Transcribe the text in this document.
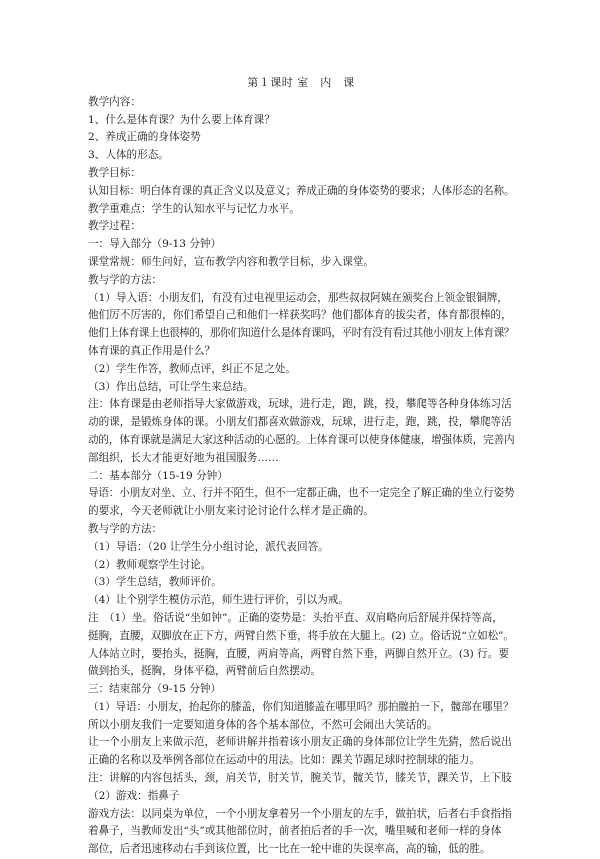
第１课时 室　内　课

教学内容：

1、什么是体育课？为什么要上体育课？

2、养成正确的身体姿势

3、人体的形态。

教学目标：

认知目标：明白体育课的真正含义以及意义；养成正确的身体姿势的要求；人体形态的名称。

教学重难点：学生的认知水平与记忆力水平。

教学过程：

一：导入部分（9-13 分钟）

课堂常规：师生问好，宣布教学内容和教学目标，步入课堂。

教与学的方法：

（1）导入语：小朋友们，有没有过电视里运动会，那些叔叔阿姨在颁奖台上领金银铜牌，

他们厉不厉害的，你们希望自己和他们一样获奖吗？他们都体育的拔尖者，体育都很棒的，

他们上体育课上也很棒的，那你们知道什么是体育课吗，平时有没有看过其他小朋友上体育课？

体育课的真正作用是什么？

（2）学生作答，教师点评，纠正不足之处。

（3）作出总结，可让学生来总结。

注：体育课是由老师指导大家做游戏，玩球，进行走，跑，跳，投，攀爬等各种身体练习活

动的课，是锻炼身体的课。小朋友们都喜欢做游戏，玩球，进行走，跑，跳，投，攀爬等活

动的，体育课就是满足大家这种活动的心愿的。上体育课可以使身体健康，增强体质，完善内

部组织，长大才能更好地为祖国服务……

二：基本部分（15-19 分钟）

导语：小朋友对坐、立、行并不陌生，但不一定都正确，也不一定完全了解正确的坐立行姿势

的要求，今天老师就让小朋友来讨论讨论什么样才是正确的。

教与学的方法：

（1）导语：（20 让学生分小组讨论，派代表回答。

（2）教师观察学生讨论。

（3）学生总结，教师评价。

（4）让个别学生模仿示范，师生进行评价，引以为戒。

注　（1）坐。俗话说“坐如钟”。正确的姿势是：头抬平直、双肩略向后舒展并保持等高，

挺胸，直腰，双脚放在正下方，两臂自然下垂，将手放在大腿上。(2) 立。俗话说“立如松”。

人体站立时，要抬头，挺胸，直腰，两肩等高，两臂自然下垂，两脚自然开立。(3) 行。要

做到抬头，挺胸，身体平稳，两臂前后自然摆动。

三：结束部分（9-15 分钟）

（1）导语：小朋友，抬起你的膝盖，你们知道膝盖在哪里吗？那拍髋拍一下，髋部在哪里？

所以小朋友我们一定要知道身体的各个基本部位，不然可会闹出大笑话的。

让一个小朋友上来做示范，老师讲解并指着该小朋友正确的身体部位让学生先猜，然后说出

正确的名称以及举例各部位在运动中的用法。比如：踝关节踢足球时控制球的能力。

注：讲解的内容包括头，颈，肩关节，肘关节，腕关节，髋关节，膝关节，踝关节，上下肢

（2）游戏：指鼻子

游戏方法：以同桌为单位，一个小朋友拿着另一个小朋友的左手，做拍状，后者右手食指指

着鼻子，当教师发出“头”或其他部位时，前者拍后者的手一次，嘴里喊和老师一样的身体

部位，后者迅速移动右手到该位置，比一比在一轮中谁的失误率高，高的输，低的胜。
